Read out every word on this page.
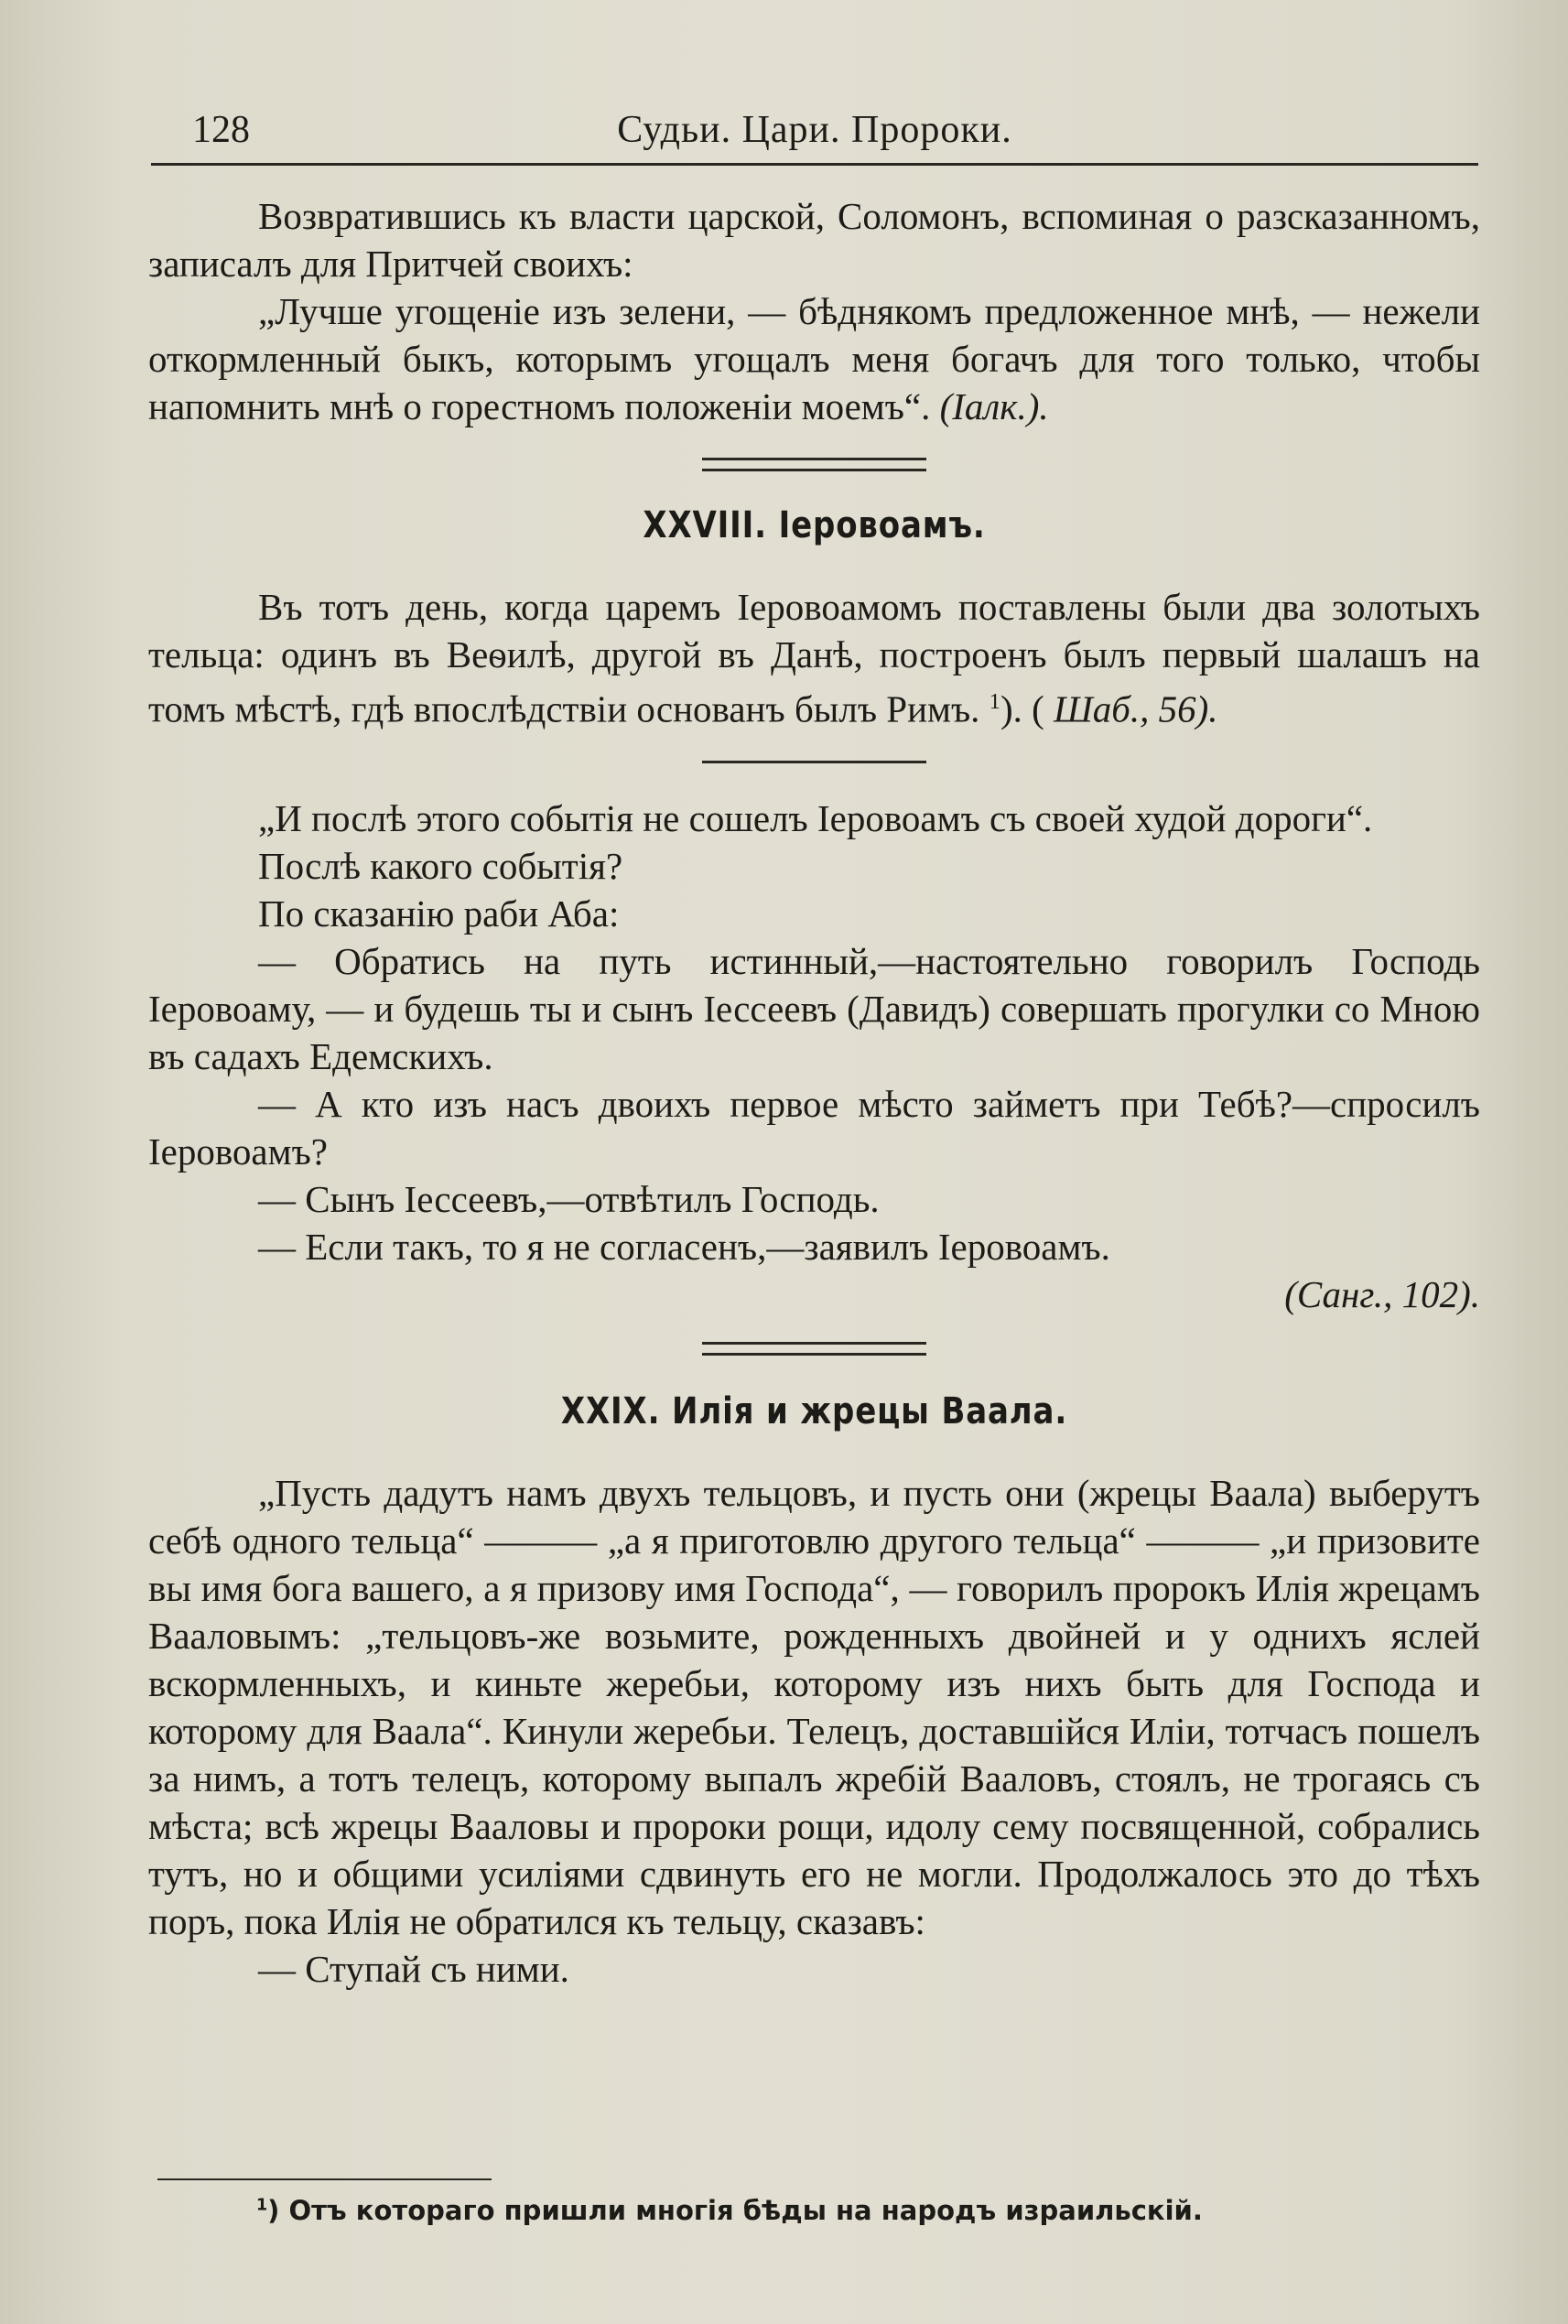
Судьи. Цари. Пророки.
128

Возвратившись къ власти царской, Соломонъ, вспоминая о разсказанномъ, записалъ для Притчей своихъ:

„Лучше угощеніе изъ зелени, — бѣднякомъ предложенное мнѣ, — нежели откормленный быкъ, которымъ угощалъ меня богачъ для того только, чтобы напомнить мнѣ о горестномъ положеніи моемъ“. (Іалк.).

XXVIII. Іеровоамъ.

Въ тотъ день, когда царемъ Іеровоамомъ поставлены были два золотыхъ тельца: одинъ въ Веѳилѣ, другой въ Данѣ, построенъ былъ первый шалашъ на томъ мѣстѣ, гдѣ впослѣдствіи основанъ былъ Римъ. $^1$). ( Шаб., 56).

„И послѣ этого событія не сошелъ Іеровоамъ съ своей худой дороги“.

Послѣ какого событія?

По сказанію раби Аба:

— Обратись на путь истинный,—настоятельно говорилъ Господь Іеровоаму, — и будешь ты и сынъ Іессеевъ (Давидъ) совершать прогулки со Мною въ садахъ Едемскихъ.

— А кто изъ насъ двоихъ первое мѣсто займетъ при Тебѣ?—спросилъ Іеровоамъ?

— Сынъ Іессеевъ,—отвѣтилъ Господь.

— Если такъ, то я не согласенъ,—заявилъ Іеровоамъ.

(Санг., 102).

XXIX. Илія и жрецы Ваала.

„Пусть дадутъ намъ двухъ тельцовъ, и пусть они (жрецы Ваала) выберутъ себѣ одного тельца“ ——— „а я приготовлю другого тельца“ ——— „и призовите вы имя бога вашего, а я призову имя Господа“, — говорилъ пророкъ Илія жрецамъ Вааловымъ: „тельцовъ-же возьмите, рожденныхъ двойней и у однихъ яслей вскормленныхъ, и киньте жеребьи, которому изъ нихъ быть для Господа и которому для Ваала“. Кинули жеребьи. Телецъ, доставшійся Иліи, тотчасъ пошелъ за нимъ, а тотъ телецъ, которому выпалъ жребій Вааловъ, стоялъ, не трогаясь съ мѣста; всѣ жрецы Ваалoвы и пророки рощи, идолу сему посвященной, собрались тутъ, но и общими усиліями сдвинуть его не могли. Продолжалось это до тѣхъ поръ, пока Илія не обратился къ тельцу, сказавъ:

— Ступай съ ними.

$^1$) Отъ котораго пришли многія бѣды на народъ израильскій.
